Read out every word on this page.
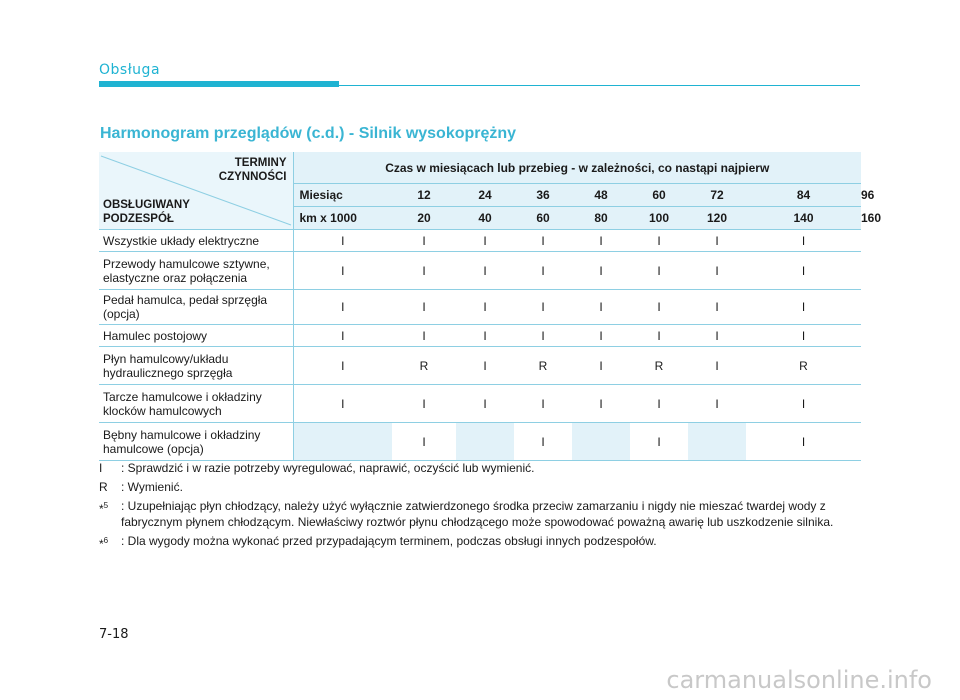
Obsługa
Harmonogram przeglądów (c.d.) - Silnik wysokoprężny
TERMINY
CZYNNOŚCI
OBSŁUGIWANY
PODZESPÓŁ	Czas w miesiącach lub przebieg - w zależności, co nastąpi najpierw								
	Miesiąc	12	24	36	48	60	72	84	96
	km x 1000	20	40	60	80	100	120	140	160
Wszystkie układy elektryczne	I	I	I	I	I	I	I	I	
Przewody hamulcowe sztywne, elastyczne oraz połączenia	I	I	I	I	I	I	I	I	
Pedał hamulca, pedał sprzęgła (opcja)	I	I	I	I	I	I	I	I	
Hamulec postojowy	I	I	I	I	I	I	I	I	
Płyn hamulcowy/układu hydraulicznego sprzęgła	I	R	I	R	I	R	I	R	
Tarcze hamulcowe i okładziny klocków hamulcowych	I	I	I	I	I	I	I	I	
Bębny hamulcowe i okładziny hamulcowe (opcja)		I		I		I		I	
I : Sprawdzić i w razie potrzeby wyregulować, naprawić, oczyścić lub wymienić.
R : Wymienić.
*$^5$ : Uzupełniając płyn chłodzący, należy użyć wyłącznie zatwierdzonego środka przeciw zamarzaniu i nigdy nie mieszać twardej wody z fabrycznym płynem chłodzącym. Niewłaściwy roztwór płynu chłodzącego może spowodować poważną awarię lub uszkodzenie silnika.
*$^6$ : Dla wygody można wykonać przed przypadającym terminem, podczas obsługi innych podzespołów.
7-18
carmanualsonline.info
